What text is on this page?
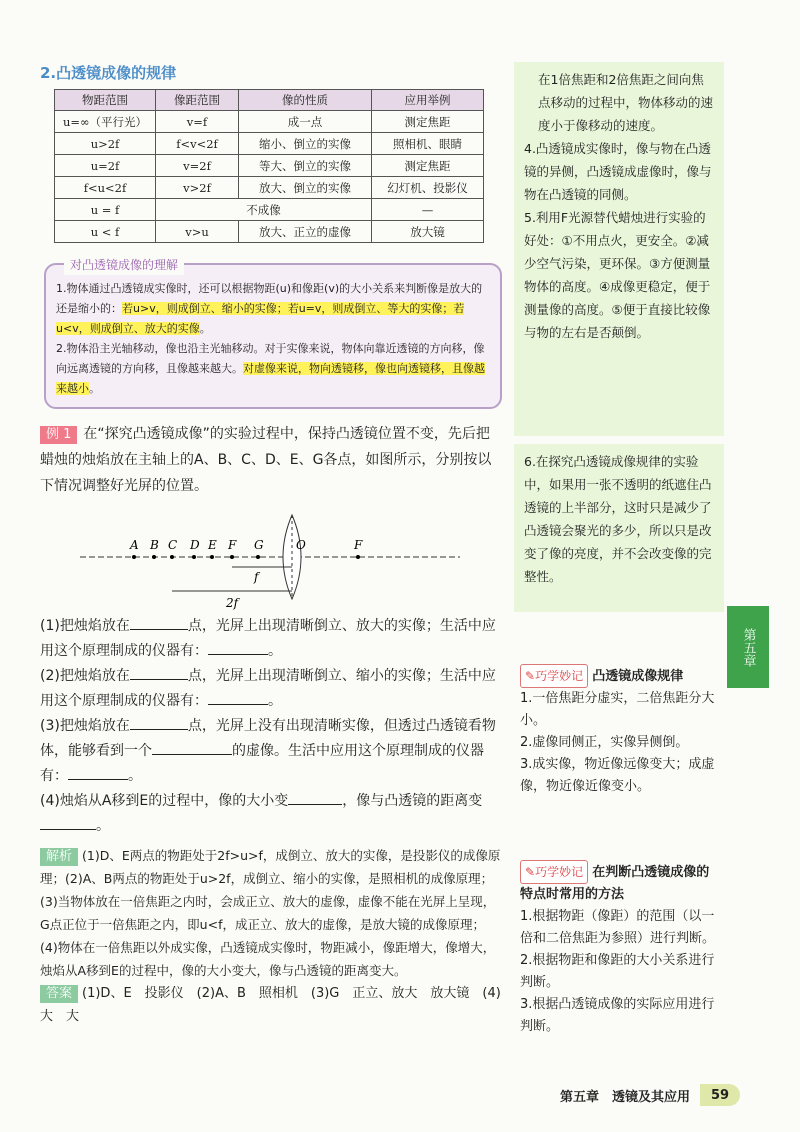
2.凸透镜成像的规律
物距范围	像距范围	像的性质	应用举例
u=∞（平行光）	v=f	成一点	测定焦距
u>2f	f<v<2f	缩小、倒立的实像	照相机、眼睛
u=2f	v=2f	等大、倒立的实像	测定焦距
f<u<2f	v>2f	放大、倒立的实像	幻灯机、投影仪
u = f	不成像		—
u < f	v>u	放大、正立的虚像	放大镜
对凸透镜成像的理解

1.物体通过凸透镜成实像时，还可以根据物距(u)和像距(v)的大小关系来判断像是放大的还是缩小的：若u>v，则成倒立、缩小的实像；若u=v，则成倒立、等大的实像；若u<v，则成倒立、放大的实像。

2.物体沿主光轴移动，像也沿主光轴移动。对于实像来说，物体向靠近透镜的方向移，像向远离透镜的方向移，且像越来越大。对虚像来说，物向透镜移，像也向透镜移，且像越来越小。

例 1 在“探究凸透镜成像”的实验过程中，保持凸透镜位置不变，先后把蜡烛的烛焰放在主轴上的A、B、C、D、E、G各点，如图所示，分别按以下情况调整好光屏的位置。
A B C D E F G	O	F
f
2f
(1)把烛焰放在	点，光屏上出现清晰倒立、放大的实像；生活中应用这个原理制成的仪器有：	。
(2)把烛焰放在	点，光屏上出现清晰倒立、缩小的实像；生活中应用这个原理制成的仪器有：	。
(3)把烛焰放在	点，光屏上没有出现清晰实像，但透过凸透镜看物体，能够看到一个	的虚像。生活中应用这个原理制成的仪器有：	。
(4)烛焰从A移到E的过程中，像的大小变	，像与凸透镜的距离变。
解析 (1)D、E两点的物距处于2f>u>f，成倒立、放大的实像，是投影仪的成像原理；(2)A、B两点的物距处于u>2f，成倒立、缩小的实像，是照相机的成像原理；(3)当物体放在一倍焦距之内时，会成正立、放大的虚像，虚像不能在光屏上呈现，G点正位于一倍焦距之内，即u<f，成正立、放大的虚像，是放大镜的成像原理；(4)物体在一倍焦距以外成实像，凸透镜成实像时，物距减小，像距增大，像增大，烛焰从A移到E的过程中，像的大小变大，像与凸透镜的距离变大。
答案 (1)D、E　投影仪　(2)A、B　照相机　(3)G　正立、放大　放大镜　(4)大　大

在1倍焦距和2倍焦距之间向焦点移动的过程中，物体移动的速度小于像移动的速度。

4.凸透镜成实像时，像与物在凸透镜的异侧，凸透镜成虚像时，像与物在凸透镜的同侧。

5.利用F光源替代蜡烛进行实验的好处：①不用点火，更安全。②减少空气污染，更环保。③方便测量物体的高度。④成像更稳定，便于测量像的高度。⑤便于直接比较像与物的左右是否颠倒。

6.在探究凸透镜成像规律的实验中，如果用一张不透明的纸遮住凸透镜的上半部分，这时只是减少了凸透镜会聚光的多少，所以只是改变了像的亮度，并不会改变像的完整性。

✎巧学妙记 凸透镜成像规律
1.一倍焦距分虚实，二倍焦距分大小。
2.虚像同侧正，实像异侧倒。
3.成实像，物近像远像变大；成虚像，物近像近像变小。
✎巧学妙记 在判断凸透镜成像的特点时常用的方法
1.根据物距（像距）的范围（以一倍和二倍焦距为参照）进行判断。
2.根据物距和像距的大小关系进行判断。
3.根据凸透镜成像的实际应用进行判断。
第五章
第五章　透镜及其应用	59
